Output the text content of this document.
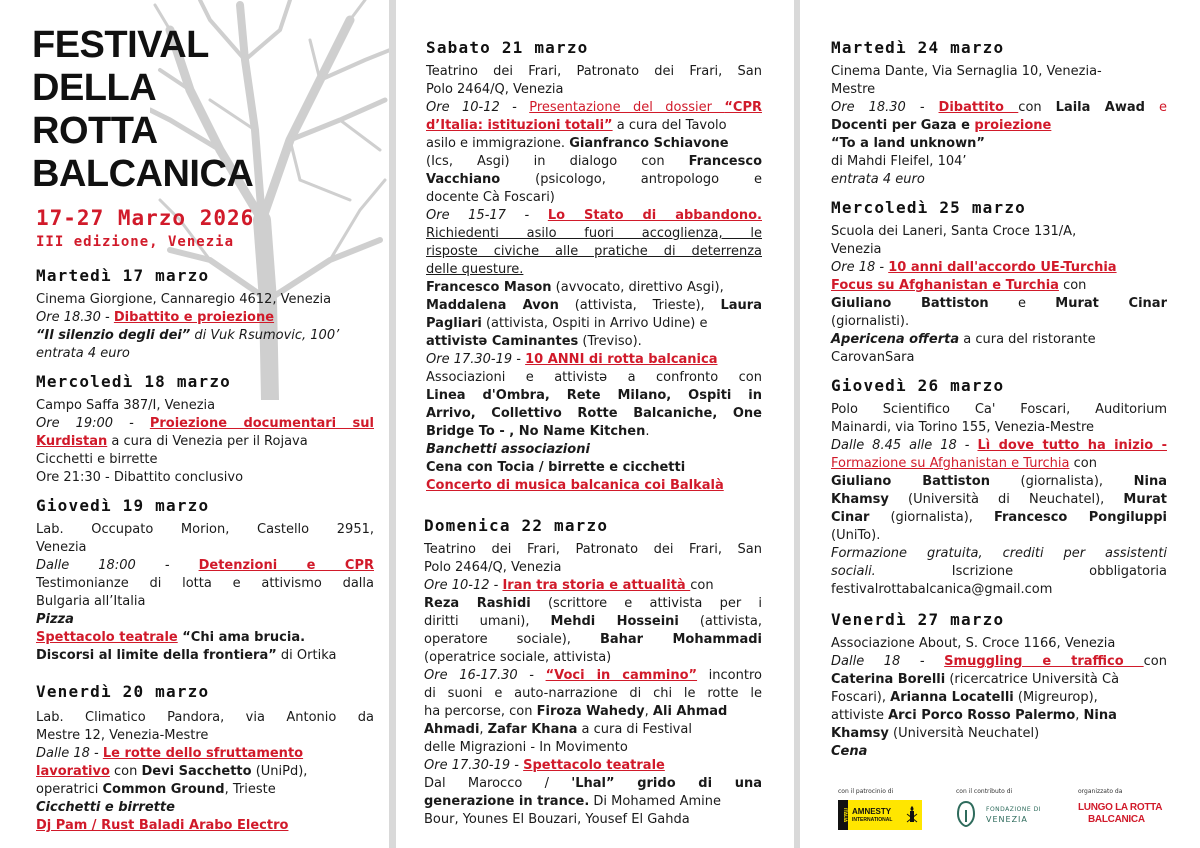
FESTIVAL
DELLA
ROTTA
BALCANICA
17-27 Marzo 2026
III edizione, Venezia
Martedì 17 marzo
Cinema Giorgione, Cannaregio 4612, Venezia
Ore 18.30 - Dibattito e proiezione
“Il silenzio degli dei” di Vuk Rsumovic, 100’
entrata 4 euro
Mercoledì 18 marzo
Campo Saffa 387/I, Venezia
Ore 19:00 - Proiezione documentari sul
Kurdistan a cura di Venezia per il Rojava
Cicchetti e birrette
Ore 21:30 - Dibattito conclusivo
Giovedì 19 marzo
Lab. Occupato Morion, Castello 2951,
Venezia
Dalle 18:00 - Detenzioni e CPR
Testimonianze di lotta e attivismo dalla
Bulgaria all’Italia
Pizza
Spettacolo teatrale “Chi ama brucia.
Discorsi al limite della frontiera” di Ortika
Venerdì 20 marzo
Lab. Climatico Pandora, via Antonio da
Mestre 12, Venezia-Mestre
Dalle 18 - Le rotte dello sfruttamento
lavorativo con Devi Sacchetto (UniPd),
operatrici Common Ground, Trieste
Cicchetti e birrette
Dj Pam / Rust Baladi Arabo Electro
Sabato 21 marzo
Teatrino dei Frari, Patronato dei Frari, San
Polo 2464/Q, Venezia
Ore 10-12 - Presentazione del dossier “CPR
d’Italia: istituzioni totali” a cura del Tavolo
asilo e immigrazione. Gianfranco Schiavone
(Ics, Asgi) in dialogo con Francesco
Vacchiano (psicologo, antropologo e
docente Cà Foscari)
Ore 15-17 - Lo Stato di abbandono.
Richiedenti asilo fuori accoglienza, le
risposte civiche alle pratiche di deterrenza
delle questure.
Francesco Mason (avvocato, direttivo Asgi),
Maddalena Avon (attivista, Trieste), Laura
Pagliari (attivista, Ospiti in Arrivo Udine) e
attivistǝ Caminantes (Treviso).
Ore 17.30-19 - 10 ANNI di rotta balcanica
Associazioni e attivistǝ a confronto con
Linea d'Ombra, Rete Milano, Ospiti in
Arrivo, Collettivo Rotte Balcaniche, One
Bridge To - , No Name Kitchen.
Banchetti associazioni
Cena con Tocia / birrette e cicchetti
Concerto di musica balcanica coi Balkalà
Domenica 22 marzo
Teatrino dei Frari, Patronato dei Frari, San
Polo 2464/Q, Venezia
Ore 10-12 - Iran tra storia e attualità con
Reza Rashidi (scrittore e attivista per i
diritti umani), Mehdi Hosseini (attivista,
operatore sociale), Bahar Mohammadi
(operatrice sociale, attivista)
Ore 16-17.30 - “Voci in cammino” incontro
di suoni e auto-narrazione di chi le rotte le
ha percorse, con Firoza Wahedy, Ali Ahmad
Ahmadi, Zafar Khana a cura di Festival
delle Migrazioni - In Movimento
Ore 17.30-19 - Spettacolo teatrale
Dal Marocco / 'Lhal” grido di una
generazione in trance. Di Mohamed Amine
Bour, Younes El Bouzari, Yousef El Gahda
Martedì 24 marzo
Cinema Dante, Via Sernaglia 10, Venezia-
Mestre
Ore 18.30 - Dibattito con Laila Awad e
Docenti per Gaza e proiezione
“To a land unknown”
di Mahdi Fleifel, 104’
entrata 4 euro
Mercoledì 25 marzo
Scuola dei Laneri, Santa Croce 131/A,
Venezia
Ore 18 - 10 anni dall'accordo UE-Turchia
Focus su Afghanistan e Turchia con
Giuliano Battiston e Murat Cinar
(giornalisti).
Apericena offerta a cura del ristorante
CarovanSara
Giovedì 26 marzo
Polo Scientifico Ca' Foscari, Auditorium
Mainardi, via Torino 155, Venezia-Mestre
Dalle 8.45 alle 18 - Lì dove tutto ha inizio -
Formazione su Afghanistan e Turchia con
Giuliano Battiston (giornalista), Nina
Khamsy (Università di Neuchatel), Murat
Cinar (giornalista), Francesco Pongiluppi
(UniTo).
Formazione gratuita, crediti per assistenti
sociali. Iscrizione obbligatoria
festivalrottabalcanica@gmail.com
Venerdì 27 marzo
Associazione About, S. Croce 1166, Venezia
Dalle 18 - Smuggling e traffico con
Caterina Borelli (ricercatrice Università Cà
Foscari), Arianna Locatelli (Migreurop),
attiviste Arci Porco Rosso Palermo, Nina
Khamsy (Università Neuchatel)
Cena
con il patrocinio di
ITALIA AMNESTY
INTERNATIONAL
con il contributo di
FONDAZIONE DI
VENEZIA
organizzato da
LUNGO LA ROTTA
BALCANICA
